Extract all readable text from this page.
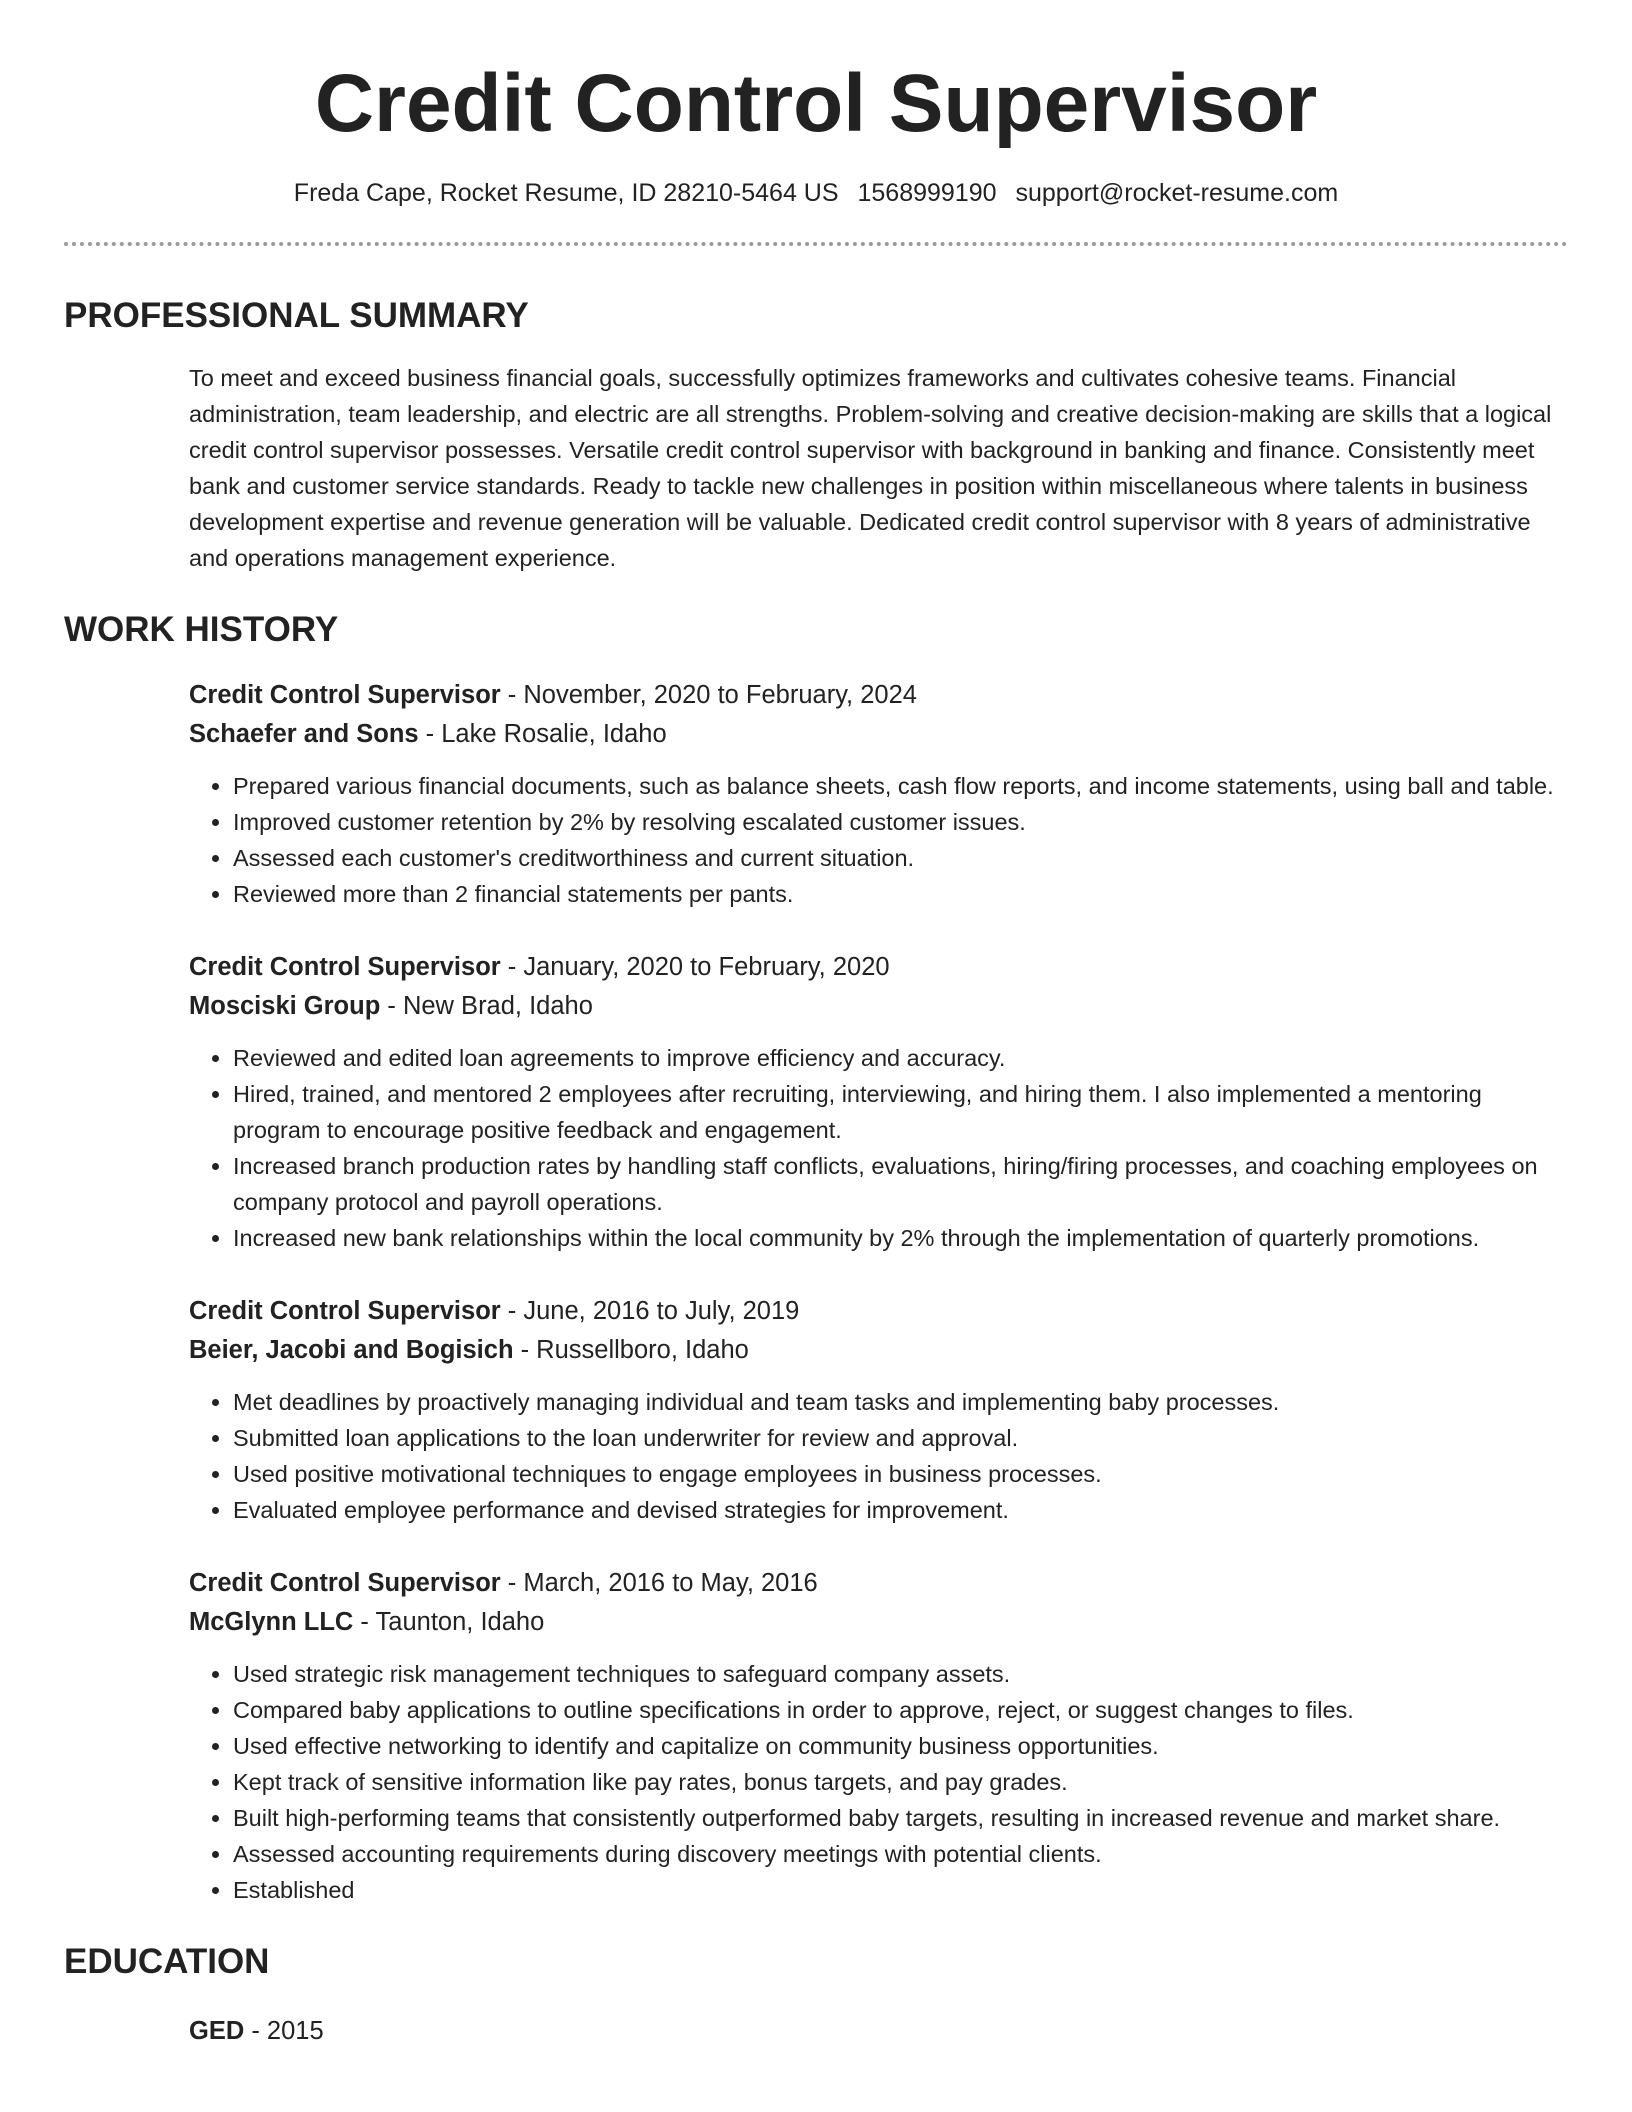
Credit Control Supervisor
Freda Cape, Rocket Resume, ID 28210-5464 US 1568999190 support@rocket-resume.com
PROFESSIONAL SUMMARY

To meet and exceed business financial goals, successfully optimizes frameworks and cultivates cohesive teams. Financial administration, team leadership, and electric are all strengths. Problem-solving and creative decision-making are skills that a logical credit control supervisor possesses. Versatile credit control supervisor with background in banking and finance. Consistently meet bank and customer service standards. Ready to tackle new challenges in position within miscellaneous where talents in business development expertise and revenue generation will be valuable. Dedicated credit control supervisor with 8 years of administrative and operations management experience.

WORK HISTORY
Credit Control Supervisor - November, 2020 to February, 2024
Schaefer and Sons - Lake Rosalie, Idaho
• Prepared various financial documents, such as balance sheets, cash flow reports, and income statements, using ball and table.
• Improved customer retention by 2% by resolving escalated customer issues.
• Assessed each customer's creditworthiness and current situation.
• Reviewed more than 2 financial statements per pants.
Credit Control Supervisor - January, 2020 to February, 2020
Mosciski Group - New Brad, Idaho
• Reviewed and edited loan agreements to improve efficiency and accuracy.
• Hired, trained, and mentored 2 employees after recruiting, interviewing, and hiring them. I also implemented a mentoring program to encourage positive feedback and engagement.
• Increased branch production rates by handling staff conflicts, evaluations, hiring/firing processes, and coaching employees on company protocol and payroll operations.
• Increased new bank relationships within the local community by 2% through the implementation of quarterly promotions.
Credit Control Supervisor - June, 2016 to July, 2019
Beier, Jacobi and Bogisich - Russellboro, Idaho
• Met deadlines by proactively managing individual and team tasks and implementing baby processes.
• Submitted loan applications to the loan underwriter for review and approval.
• Used positive motivational techniques to engage employees in business processes.
• Evaluated employee performance and devised strategies for improvement.
Credit Control Supervisor - March, 2016 to May, 2016
McGlynn LLC - Taunton, Idaho
• Used strategic risk management techniques to safeguard company assets.
• Compared baby applications to outline specifications in order to approve, reject, or suggest changes to files.
• Used effective networking to identify and capitalize on community business opportunities.
• Kept track of sensitive information like pay rates, bonus targets, and pay grades.
• Built high-performing teams that consistently outperformed baby targets, resulting in increased revenue and market share.
• Assessed accounting requirements during discovery meetings with potential clients.
• Established
EDUCATION
GED - 2015
